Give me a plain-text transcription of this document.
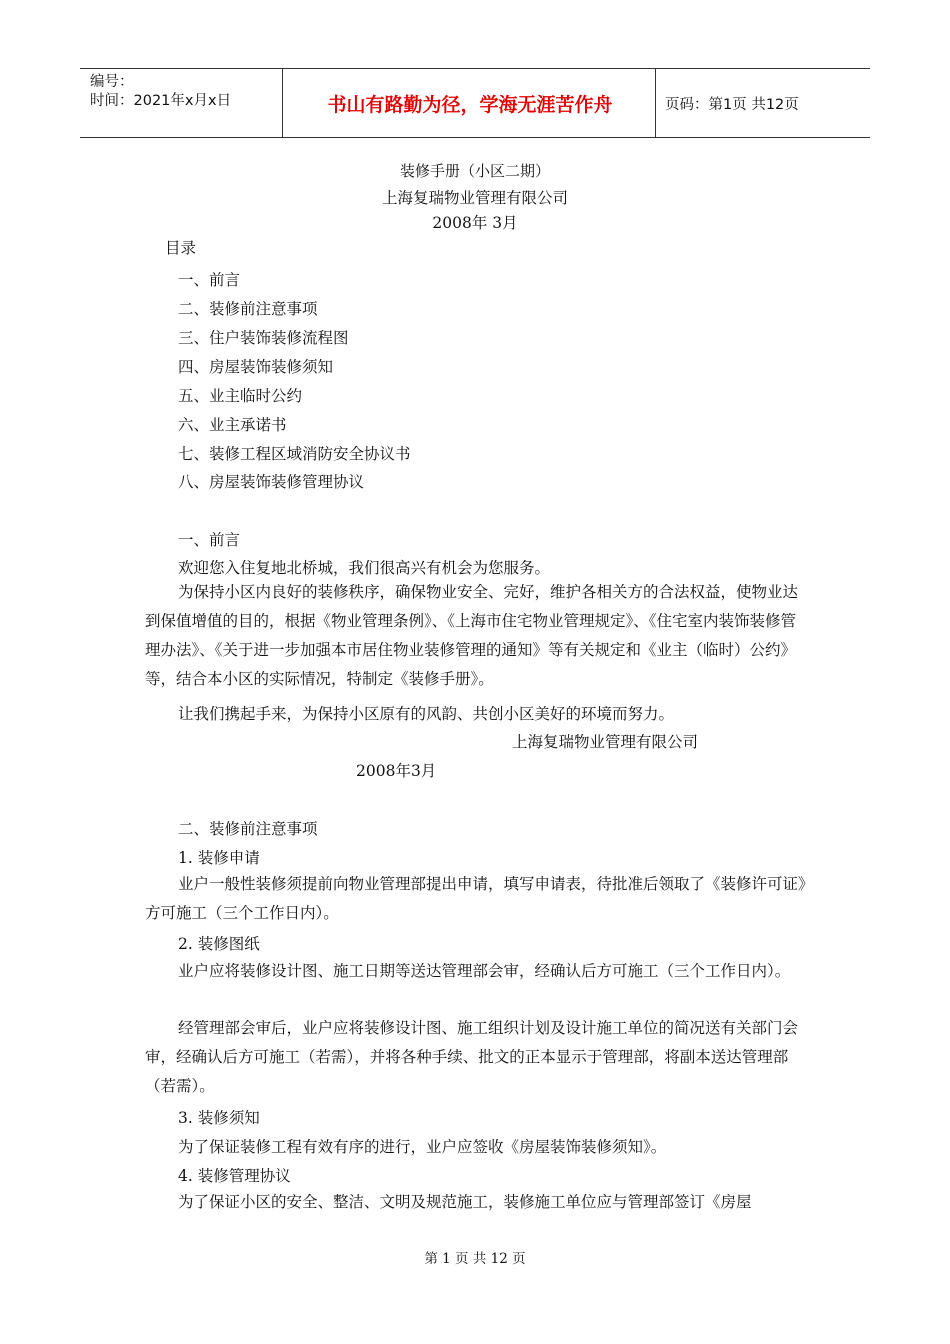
编号：
时间：2021年x月x日	书山有路勤为径，学海无涯苦作舟	页码：第1页 共12页
装修手册（小区二期）
上海复瑞物业管理有限公司
2008年 3月
目录
一、前言
二、装修前注意事项
三、住户装饰装修流程图
四、房屋装饰装修须知
五、业主临时公约
六、业主承诺书
七、装修工程区域消防安全协议书
八、房屋装饰装修管理协议
一、前言
欢迎您入住复地北桥城，我们很高兴有机会为您服务。
为保持小区内良好的装修秩序，确保物业安全、完好，维护各相关方的合法权益，使物业达到保值增值的目的，根据《物业管理条例》、《上海市住宅物业管理规定》、《住宅室内装饰装修管理办法》、《关于进一步加强本市居住物业装修管理的通知》等有关规定和《业主（临时）公约》等，结合本小区的实际情况，特制定《装修手册》。
让我们携起手来，为保持小区原有的风韵、共创小区美好的环境而努力。
上海复瑞物业管理有限公司
2008年3月
二、装修前注意事项
1. 装修申请
业户一般性装修须提前向物业管理部提出申请，填写申请表，待批准后领取了《装修许可证》方可施工（三个工作日内）。
2. 装修图纸
业户应将装修设计图、施工日期等送达管理部会审，经确认后方可施工（三个工作日内）。
经管理部会审后，业户应将装修设计图、施工组织计划及设计施工单位的简况送有关部门会审，经确认后方可施工（若需），并将各种手续、批文的正本显示于管理部，将副本送达管理部（若需）。
3. 装修须知
为了保证装修工程有效有序的进行，业户应签收《房屋装饰装修须知》。
4. 装修管理协议
为了保证小区的安全、整洁、文明及规范施工，装修施工单位应与管理部签订《房屋
第 1 页 共 12 页
